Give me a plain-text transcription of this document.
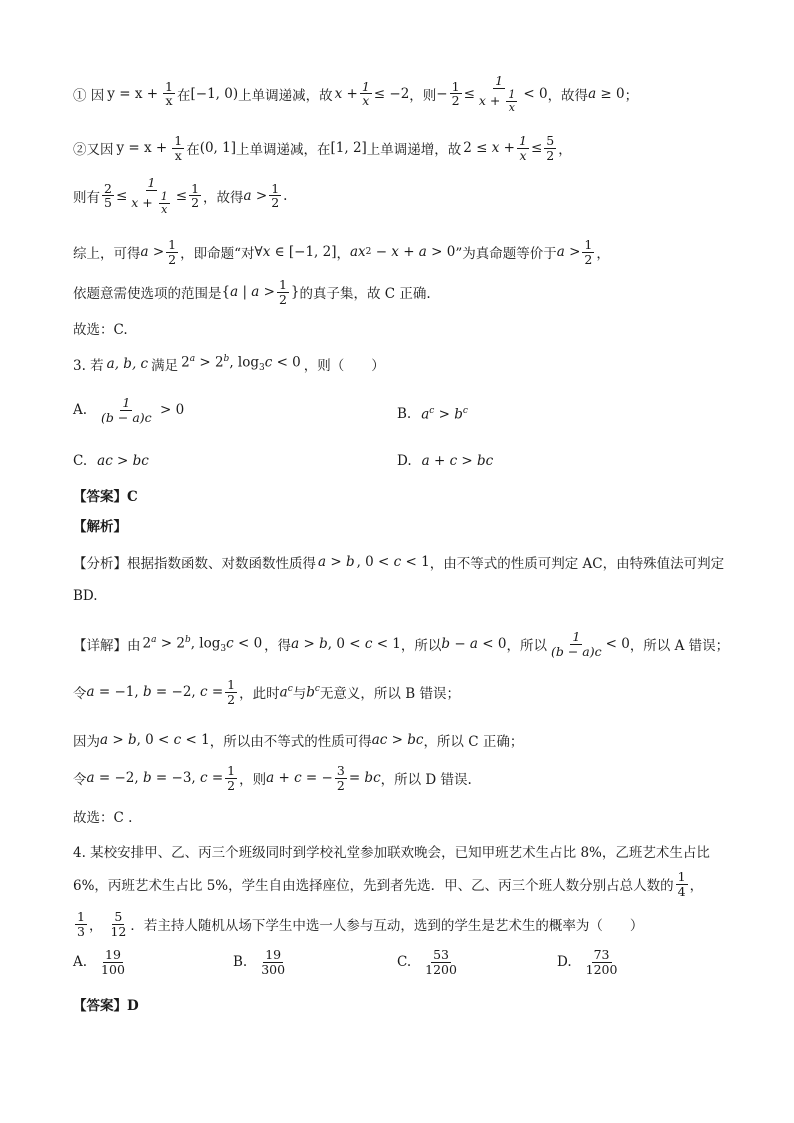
① 因 $y = x + \frac{1}{x}$ 在 [−1, 0) 上单调递减，故 $x + \frac{1}{x} \le -2$ ，则 − $\frac{1}{2} \le \frac{1}{x + \frac{1}{x}} < 0$ ，故得 a ≥ 0 ；
②又因 $y = x + \frac{1}{x}$ 在 (0, 1] 上单调递减，在 [1, 2] 上单调递增，故 $2 \le x + \frac{1}{x} \le \frac{5}{2}$ ，
则有 $\frac{2}{5} \le \frac{1}{x + \frac{1}{x}} \le \frac{1}{2}$ ，故得 $a > \frac{1}{2}$ .
综上，可得 $a > \frac{1}{2}$ ，即命题“对 ∀ x ∈ [−1, 2] ， ax 2 − x + a > 0 ”为真命题等价于 $a > \frac{1}{2}$ ，
依题意需使选项的范围是 { a | $a > \frac{1}{2}$ } 的真子集，故 C 正确.
故选：C.
3. 若 a, b, c 满足 $2^a > 2^b$, $\log_3c < 0$ ，则（　　）
A. $\frac{1}{(b - a)c} > 0$	B. $a^c > b^c$
C. ac > bc	D. a + c > bc
【答案】C
【解析】
【分析】根据指数函数、对数函数性质得 a > b , 0 < c < 1 ，由不等式的性质可判定 AC，由特殊值法可判定
BD.
【详解】由 $2^a > 2^b$, $\log_3c < 0$ ，得 a > b , 0 < c < 1 ，所以 b − a < 0 ，所以 $\frac{1}{(b - a)c} < 0$ ，所以 A 错误；
令 a = −1, b = −2, $c = \frac{1}{2}$ ，此时 $a^c$ 与 $b^c$ 无意义，所以 B 错误；
因为 a > b , 0 < c < 1 ，所以由不等式的性质可得 ac > bc ，所以 C 正确；
令 a = −2, b = −3, $c = \frac{1}{2}$ ，则 a + c = − $\frac{3}{2}$ = bc ，所以 D 错误.
故选：C .
4. 某校安排甲、乙、丙三个班级同时到学校礼堂参加联欢晚会，已知甲班艺术生占比 8%，乙班艺术生占比
6%，丙班艺术生占比 5%，学生自由选择座位，先到者先选．甲、乙、丙三个班人数分别占总人数的 $\frac{1}{4}$ ，
$\frac{1}{3}$ ， $\frac{5}{12}$ ．若主持人随机从场下学生中选一人参与互动，选到的学生是艺术生的概率为（　　）
A. $\frac{19}{100}$	B. $\frac{19}{300}$	C. $\frac{53}{1200}$	D. $\frac{73}{1200}$
【答案】D
